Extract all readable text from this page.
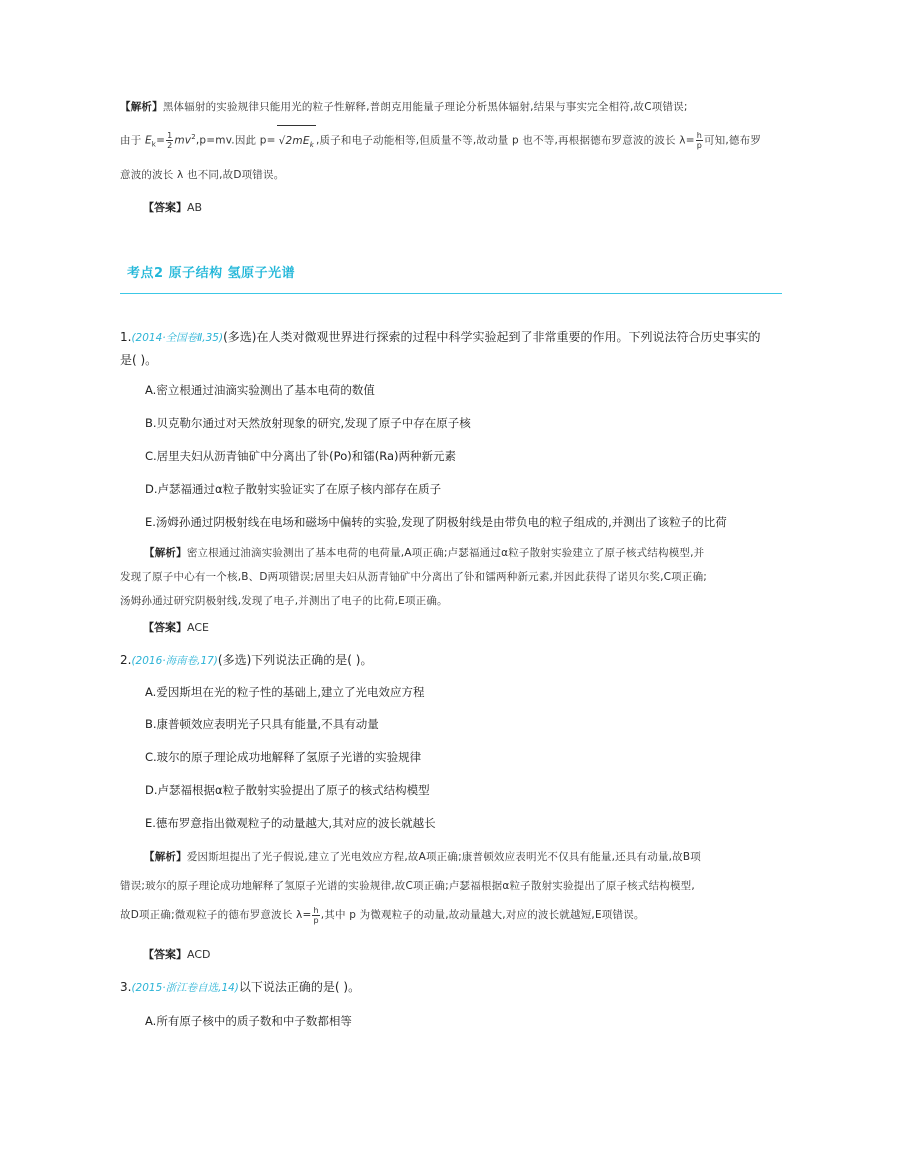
【解析】黑体辐射的实验规律只能用光的粒子性解释,普朗克用能量子理论分析黑体辐射,结果与事实完全相符,故C项错误;
由于 $E_k= \frac{1}{2} mv^2,p=mv$.因此 $p= √2mE_k$ ,质子和电子动能相等,但质量不等,故动量 p 也不等,再根据德布罗意波的波长 $\lambda= \frac{h}{p}$ 可知,德布罗
意波的波长 λ 也不同,故D项错误。
【答案】AB
考点2 原子结构 氢原子光谱
1.(2014·全国卷Ⅱ,35)(多选)在人类对微观世界进行探索的过程中科学实验起到了非常重要的作用。下列说法符合历史事实的
是( )。
A.密立根通过油滴实验测出了基本电荷的数值
B.贝克勒尔通过对天然放射现象的研究,发现了原子中存在原子核
C.居里夫妇从沥青铀矿中分离出了钋(Po)和镭(Ra)两种新元素
D.卢瑟福通过α粒子散射实验证实了在原子核内部存在质子
E.汤姆孙通过阴极射线在电场和磁场中偏转的实验,发现了阴极射线是由带负电的粒子组成的,并测出了该粒子的比荷
【解析】密立根通过油滴实验测出了基本电荷的电荷量,A项正确;卢瑟福通过α粒子散射实验建立了原子核式结构模型,并
发现了原子中心有一个核,B、D两项错误;居里夫妇从沥青铀矿中分离出了钋和镭两种新元素,并因此获得了诺贝尔奖,C项正确;
汤姆孙通过研究阴极射线,发现了电子,并测出了电子的比荷,E项正确。
【答案】ACE
2.(2016·海南卷,17)(多选)下列说法正确的是( )。
A.爱因斯坦在光的粒子性的基础上,建立了光电效应方程
B.康普顿效应表明光子只具有能量,不具有动量
C.玻尔的原子理论成功地解释了氢原子光谱的实验规律
D.卢瑟福根据α粒子散射实验提出了原子的核式结构模型
E.德布罗意指出微观粒子的动量越大,其对应的波长就越长
【解析】爱因斯坦提出了光子假说,建立了光电效应方程,故A项正确;康普顿效应表明光不仅具有能量,还具有动量,故B项
错误;玻尔的原子理论成功地解释了氢原子光谱的实验规律,故C项正确;卢瑟福根据α粒子散射实验提出了原子核式结构模型,
故D项正确;微观粒子的德布罗意波长 $\lambda= \frac{h}{p}$ ,其中 p 为微观粒子的动量,故动量越大,对应的波长就越短,E项错误。
【答案】ACD
3.(2015·浙江卷自选,14)以下说法正确的是( )。
A.所有原子核中的质子数和中子数都相等
